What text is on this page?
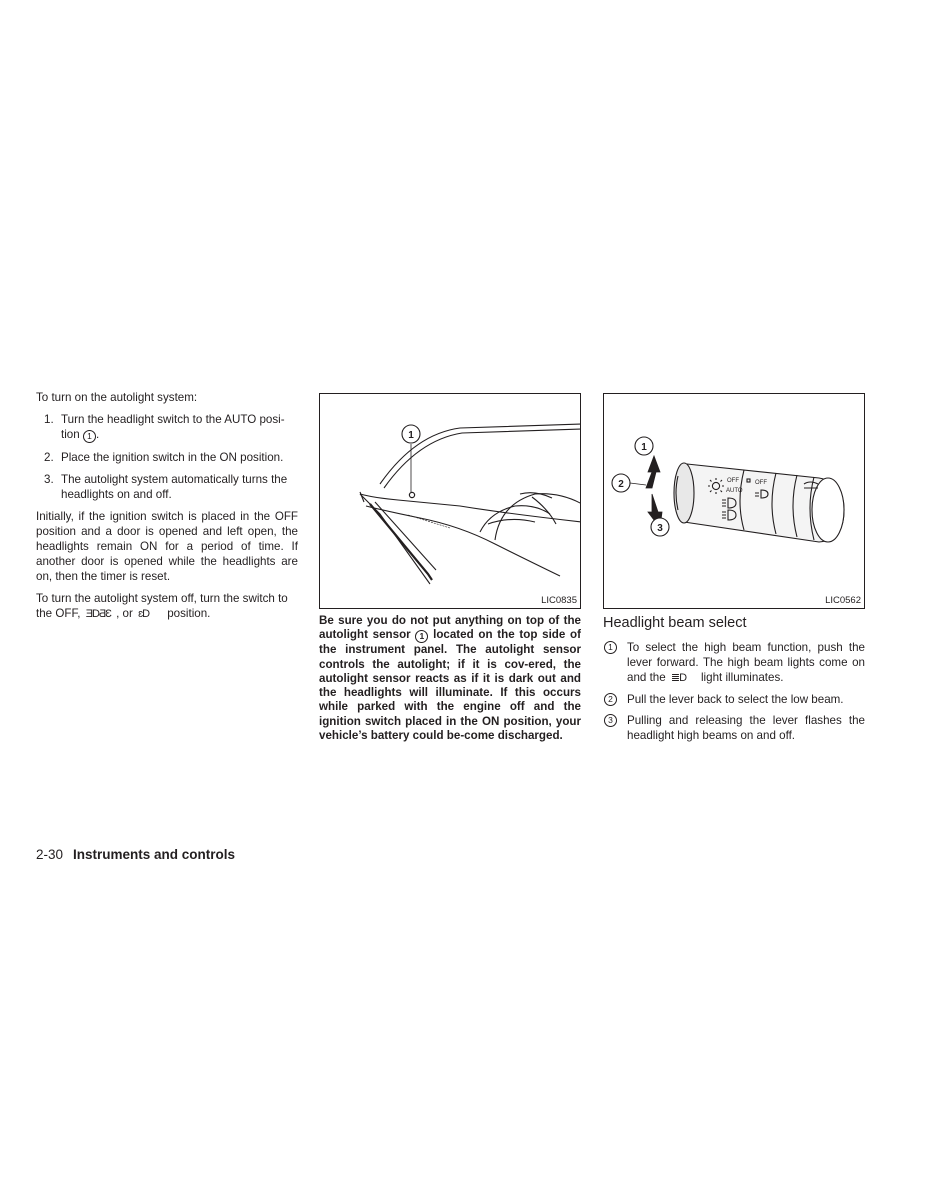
To turn on the autolight system:

1. Turn the headlight switch to the AUTO posi-tion 1 .
2. Place the ignition switch in the ON position.
3. The autolight system automatically turns the headlights on and off.

Initially, if the ignition switch is placed in the OFF position and a door is opened and left open, the headlights remain ON for a period of time. If another door is opened while the headlights are on, then the timer is reset.

To turn the autolight system off, turn the switch to the OFF, ƎDƋƐ , or ɛD position.

1
LIC0835

Be sure you do not put anything on top of the autolight sensor 1 located on the top side of the instrument panel. The autolight sensor controls the autolight; if it is cov-ered, the autolight sensor reacts as if it is dark out and the headlights will illuminate. If this occurs while parked with the engine off and the ignition switch placed in the ON position, your vehicle’s battery could be-come discharged.

1
2
3
OFF
AUTO
OFF
LIC0562
Headlight beam select
1	To select the high beam function, push the lever forward. The high beam lights come on and the ≣D light illuminates.
2	Pull the lever back to select the low beam.
3	Pulling and releasing the lever flashes the headlight high beams on and off.
2-30 Instruments and controls
